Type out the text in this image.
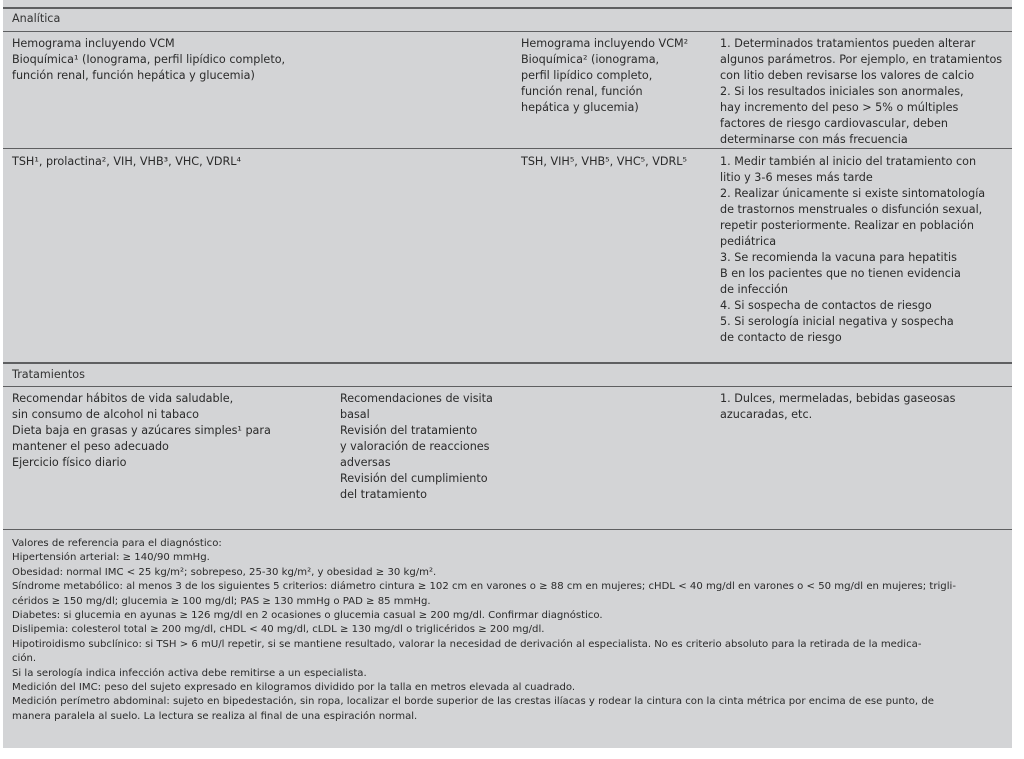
Analítica
Hemograma incluyendo VCM
Bioquímica¹ (Ionograma, perfil lipídico completo,
función renal, función hepática y glucemia)
Hemograma incluyendo VCM²
Bioquímica² (ionograma,
perfil lipídico completo,
función renal, función
hepática y glucemia)
1. Determinados tratamientos pueden alterar
algunos parámetros. Por ejemplo, en tratamientos
con litio deben revisarse los valores de calcio
2. Si los resultados iniciales son anormales,
hay incremento del peso > 5% o múltiples
factores de riesgo cardiovascular, deben
determinarse con más frecuencia
TSH¹, prolactina², VIH, VHB³, VHC, VDRL⁴	TSH, VIH⁵, VHB⁵, VHC⁵, VDRL⁵	1. Medir también al inicio del tratamiento con
litio y 3-6 meses más tarde
2. Realizar únicamente si existe sintomatología
de trastornos menstruales o disfunción sexual,
repetir posteriormente. Realizar en población
pediátrica
3. Se recomienda la vacuna para hepatitis
B en los pacientes que no tienen evidencia
de infección
4. Si sospecha de contactos de riesgo
5. Si serología inicial negativa y sospecha
de contacto de riesgo
Tratamientos
Recomendar hábitos de vida saludable,
sin consumo de alcohol ni tabaco
Dieta baja en grasas y azúcares simples¹ para
mantener el peso adecuado
Ejercicio físico diario
Recomendaciones de visita
basal
Revisión del tratamiento
y valoración de reacciones
adversas
Revisión del cumplimiento
del tratamiento
1. Dulces, mermeladas, bebidas gaseosas
azucaradas, etc.
Valores de referencia para el diagnóstico:
Hipertensión arterial: ≥ 140/90 mmHg.
Obesidad: normal IMC < 25 kg/m²; sobrepeso, 25-30 kg/m², y obesidad ≥ 30 kg/m².
Síndrome metabólico: al menos 3 de los siguientes 5 criterios: diámetro cintura ≥ 102 cm en varones o ≥ 88 cm en mujeres; cHDL < 40 mg/dl en varones o < 50 mg/dl en mujeres; trigli-
céridos ≥ 150 mg/dl; glucemia ≥ 100 mg/dl; PAS ≥ 130 mmHg o PAD ≥ 85 mmHg.
Diabetes: si glucemia en ayunas ≥ 126 mg/dl en 2 ocasiones o glucemia casual ≥ 200 mg/dl. Confirmar diagnóstico.
Dislipemia: colesterol total ≥ 200 mg/dl, cHDL < 40 mg/dl, cLDL ≥ 130 mg/dl o triglicéridos ≥ 200 mg/dl.
Hipotiroidismo subclínico: si TSH > 6 mU/l repetir, si se mantiene resultado, valorar la necesidad de derivación al especialista. No es criterio absoluto para la retirada de la medica-
ción.
Si la serología indica infección activa debe remitirse a un especialista.
Medición del IMC: peso del sujeto expresado en kilogramos dividido por la talla en metros elevada al cuadrado.
Medición perímetro abdominal: sujeto en bipedestación, sin ropa, localizar el borde superior de las crestas ilíacas y rodear la cintura con la cinta métrica por encima de ese punto, de
manera paralela al suelo. La lectura se realiza al final de una espiración normal.
